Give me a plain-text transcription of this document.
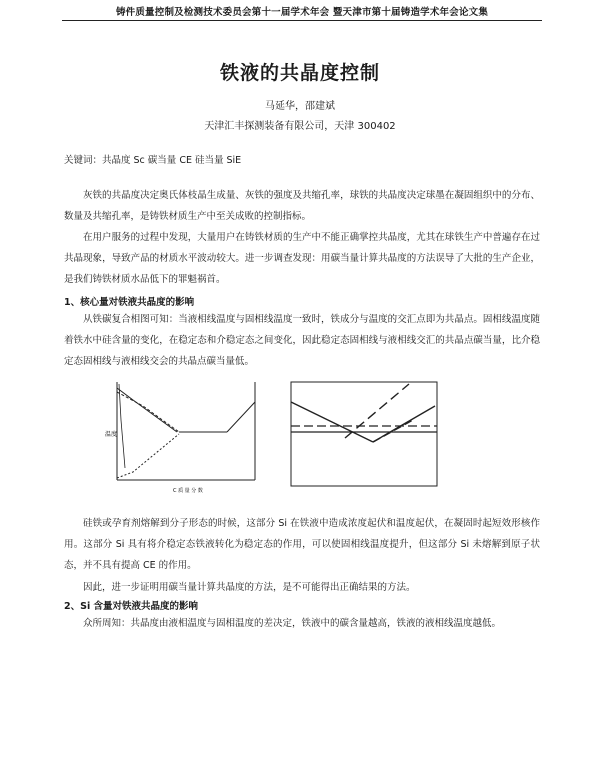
铸件质量控制及检测技术委员会第十一届学术年会 暨天津市第十届铸造学术年会论文集
铁液的共晶度控制
马延华，邵建斌
天津汇丰探测装备有限公司，天津 300402
关键词：共晶度 Sc 碳当量 CE 硅当量 SiE

灰铁的共晶度决定奥氏体枝晶生成量、灰铁的强度及共缩孔率，球铁的共晶度决定球墨在凝固组织中的分布、数量及共缩孔率，是铸铁材质生产中至关成败的控制指标。

在用户服务的过程中发现，大量用户在铸铁材质的生产中不能正确掌控共晶度，尤其在球铁生产中普遍存在过共晶现象，导致产品的材质水平波动较大。进一步调查发现：用碳当量计算共晶度的方法误导了大批的生产企业，是我们铸铁材质水品低下的罪魁祸首。

1、核心量对铁液共晶度的影响

从铁碳复合相图可知：当液相线温度与固相线温度一致时，铁成分与温度的交汇点即为共晶点。固相线温度随着铁水中硅含量的变化，在稳定态和介稳定态之间变化，因此稳定态固相线与液相线交汇的共晶点碳当量，比介稳定态固相线与液相线交会的共晶点碳当量低。

温度
C 质 量 分 数

硅铁或孕育剂熔解到分子形态的时候，这部分 Si 在铁液中造成浓度起伏和温度起伏，在凝固时起短效形核作用。这部分 Si 具有将介稳定态铁液转化为稳定态的作用，可以使固相线温度提升，但这部分 Si 未熔解到原子状态，并不具有提高 CE 的作用。

因此，进一步证明用碳当量计算共晶度的方法，是不可能得出正确结果的方法。

2、Si 含量对铁液共晶度的影响

众所周知：共晶度由液相温度与固相温度的差决定，铁液中的碳含量越高，铁液的液相线温度越低。
